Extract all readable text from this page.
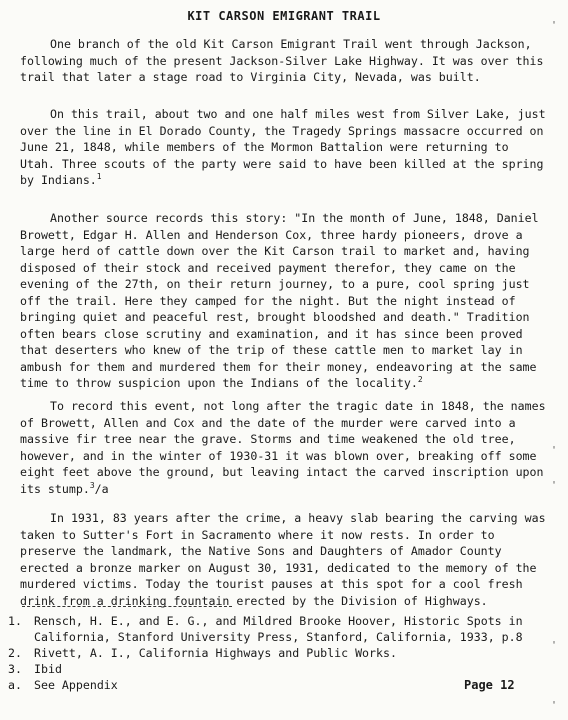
KIT CARSON EMIGRANT TRAIL

One branch of the old Kit Carson Emigrant Trail went through Jackson, following much of the present Jackson-Silver Lake Highway. It was over this trail that later a stage road to Virginia City, Nevada, was built.

On this trail, about two and one half miles west from Silver Lake, just over the line in El Dorado County, the Tragedy Springs massacre occurred on June 21, 1848, while members of the Mormon Battalion were returning to Utah. Three scouts of the party were said to have been killed at the spring by Indians.$^1$

Another source records this story: "In the month of June, 1848, Daniel Browett, Edgar H. Allen and Henderson Cox, three hardy pioneers, drove a large herd of cattle down over the Kit Carson trail to market and, having disposed of their stock and received payment therefor, they came on the evening of the 27th, on their return journey, to a pure, cool spring just off the trail. Here they camped for the night. But the night instead of bringing quiet and peaceful rest, brought bloodshed and death." Tradition often bears close scrutiny and examination, and it has since been proved that deserters who knew of the trip of these cattle men to market lay in ambush for them and murdered them for their money, endeavoring at the same time to throw suspicion upon the Indians of the locality.$^2$

To record this event, not long after the tragic date in 1848, the names of Browett, Allen and Cox and the date of the murder were carved into a massive fir tree near the grave. Storms and time weakened the old tree, however, and in the winter of 1930-31 it was blown over, breaking off some eight feet above the ground, but leaving intact the carved inscription upon its stump.$^3$/a

In 1931, 83 years after the crime, a heavy slab bearing the carving was taken to Sutter's Fort in Sacramento where it now rests. In order to preserve the landmark, the Native Sons and Daughters of Amador County erected a bronze marker on August 30, 1931, dedicated to the memory of the murdered victims. Today the tourist pauses at this spot for a cool fresh drink from a drinking fountain erected by the Division of Highways.

1.	Rensch, H. E., and E. G., and Mildred Brooke Hoover, Historic Spots in California, Stanford University Press, Stanford, California, 1933, p.8
2.	Rivett, A. I., California Highways and Public Works.
3.	Ibid
a.	See Appendix	Page 12
'
'
'
'
'
